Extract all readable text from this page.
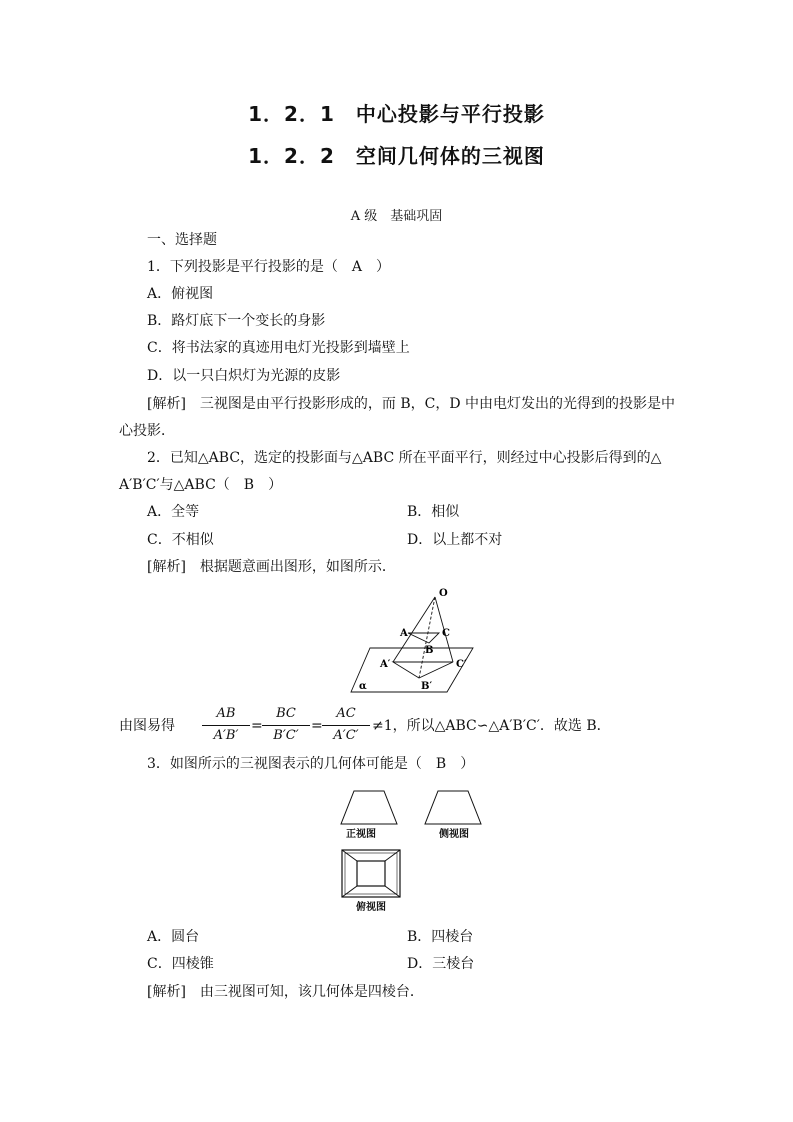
1．2．1　中心投影与平行投影
1．2．2　空间几何体的三视图
A 级　基础巩固
一、选择题
1．下列投影是平行投影的是（　A　）
A．俯视图
B．路灯底下一个变长的身影
C．将书法家的真迹用电灯光投影到墙壁上
D．以一只白炽灯为光源的皮影
[解析]　三视图是由平行投影形成的，而 B，C，D 中由电灯发出的光得到的投影是中
心投影．
2．已知△ABC，选定的投影面与△ABC 所在平面平行，则经过中心投影后得到的△
A′B′C′与△ABC（　B　）
A．全等	B．相似
C．不相似	D．以上都不对
[解析]　根据题意画出图形，如图所示．
O
A	C
B
A′	C′
B′
α
由图易得
AB
A′B′
=
BC
B′C′
=
AC
A′C′
≠1，所以△ABC∽△A′B′C′．故选 B．
3．如图所示的三视图表示的几何体可能是（　B　）
正视图	侧视图
俯视图
A．圆台	B．四棱台
C．四棱锥	D．三棱台
[解析]　由三视图可知，该几何体是四棱台．
